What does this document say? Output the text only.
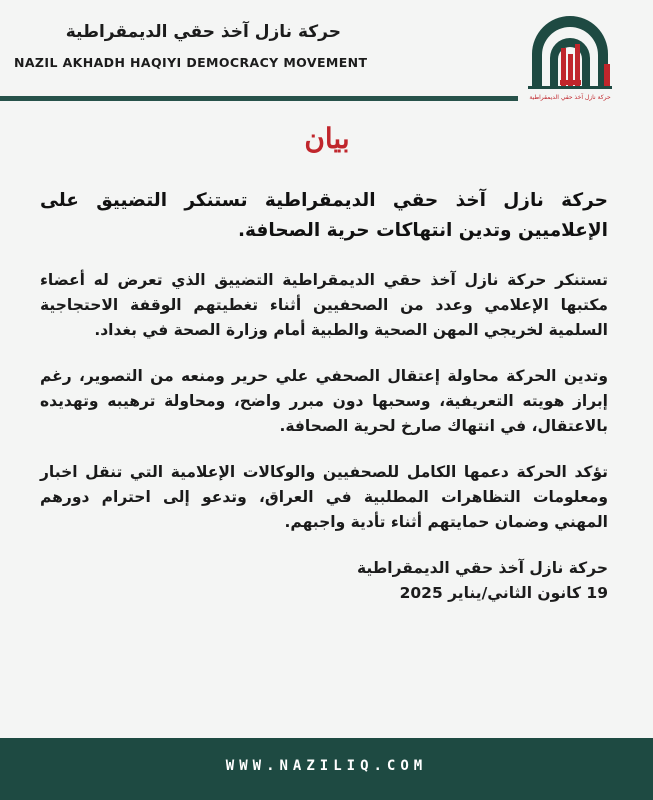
حركة نازل آخذ حقي الديمقراطية
NAZIL AKHADH HAQIYI DEMOCRACY MOVEMENT
حركة نازل آخذ حقي الديمقراطية
بيان

حركة نازل آخذ حقي الديمقراطية تستنكر التضييق على الإعلاميين وتدين انتهاكات حرية الصحافة.

تستنكر حركة نازل آخذ حقي الديمقراطية التضييق الذي تعرض له أعضاء مكتبها الإعلامي وعدد من الصحفيين أثناء تغطيتهم الوقفة الاحتجاجية السلمية لخريجي المهن الصحية والطبية أمام وزارة الصحة في بغداد.

وتدين الحركة محاولة إعتقال الصحفي علي حرير ومنعه من التصوير، رغم إبراز هويته التعريفية، وسحبها دون مبرر واضح، ومحاولة ترهيبه وتهديده بالاعتقال، في انتهاك صارخ لحرية الصحافة.

تؤكد الحركة دعمها الكامل للصحفيين والوكالات الإعلامية التي تنقل اخبار ومعلومات التظاهرات المطلبية في العراق، وتدعو إلى احترام دورهم المهني وضمان حمايتهم أثناء تأدية واجبهم.

حركة نازل آخذ حقي الديمقراطية
19 كانون الثاني/يناير 2025
WWW.NAZILIQ.COM
